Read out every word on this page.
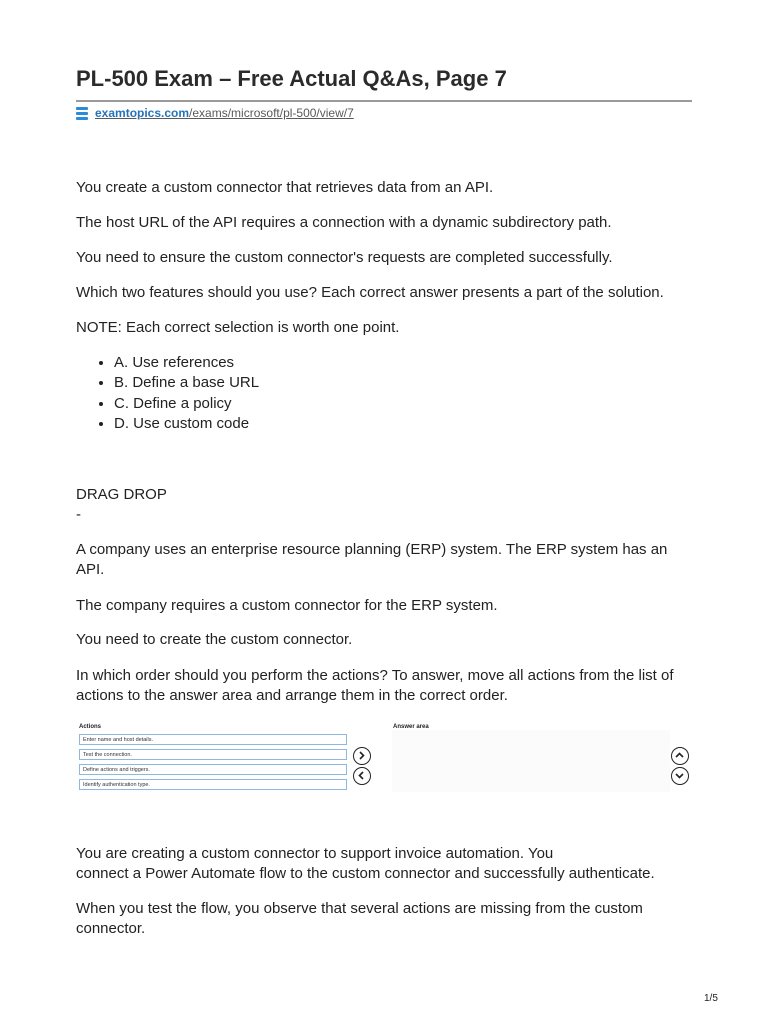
PL-500 Exam – Free Actual Q&As, Page 7
examtopics.com/exams/microsoft/pl-500/view/7

You create a custom connector that retrieves data from an API.

The host URL of the API requires a connection with a dynamic subdirectory path.

You need to ensure the custom connector's requests are completed successfully.

Which two features should you use? Each correct answer presents a part of the solution.

NOTE: Each correct selection is worth one point.

• A. Use references
• B. Define a base URL
• C. Define a policy
• D. Use custom code

DRAG DROP

-

A company uses an enterprise resource planning (ERP) system. The ERP system has an API.

The company requires a custom connector for the ERP system.

You need to create the custom connector.

In which order should you perform the actions? To answer, move all actions from the list of actions to the answer area and arrange them in the correct order.

Actions	Answer area
Enter name and host details.
Test the connection.
Define actions and triggers.
Identify authentication type.

You are creating a custom connector to support invoice automation. You
connect a Power Automate flow to the custom connector and successfully authenticate.

When you test the flow, you observe that several actions are missing from the custom connector.

1/5
